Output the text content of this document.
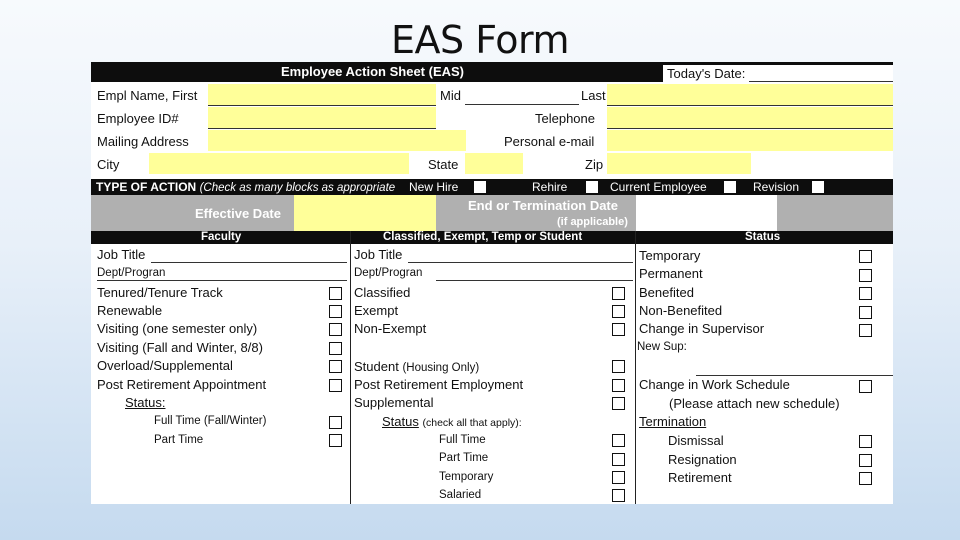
EAS Form
Employee Action Sheet (EAS)	Today's Date:
Empl Name, First	Mid	Last
Employee ID#	Telephone
Mailing Address	Personal e-mail
City	State	Zip
TYPE OF ACTION (Check as many blocks as appropriate New Hire	Rehire	Current Employee	Revision
Effective Date
End or Termination Date
(if applicable)
Faculty	Classified, Exempt, Temp or Student	Status
Job Title
Dept/Progran
Tenured/Tenure Track
Renewable
Visiting (one semester only)
Visiting (Fall and Winter, 8/8)
Overload/Supplemental
Post Retirement Appointment
Status:
Full Time (Fall/Winter)
Part Time
Job Title
Dept/Progran
Classified
Exempt
Non-Exempt
Student (Housing Only)
Post Retirement Employment
Supplemental
Status (check all that apply):
Full Time
Part Time
Temporary
Salaried
Temporary
Permanent
Benefited
Non-Benefited
Change in Supervisor
New Sup:
Change in Work Schedule
(Please attach new schedule)
Termination
Dismissal
Resignation
Retirement
